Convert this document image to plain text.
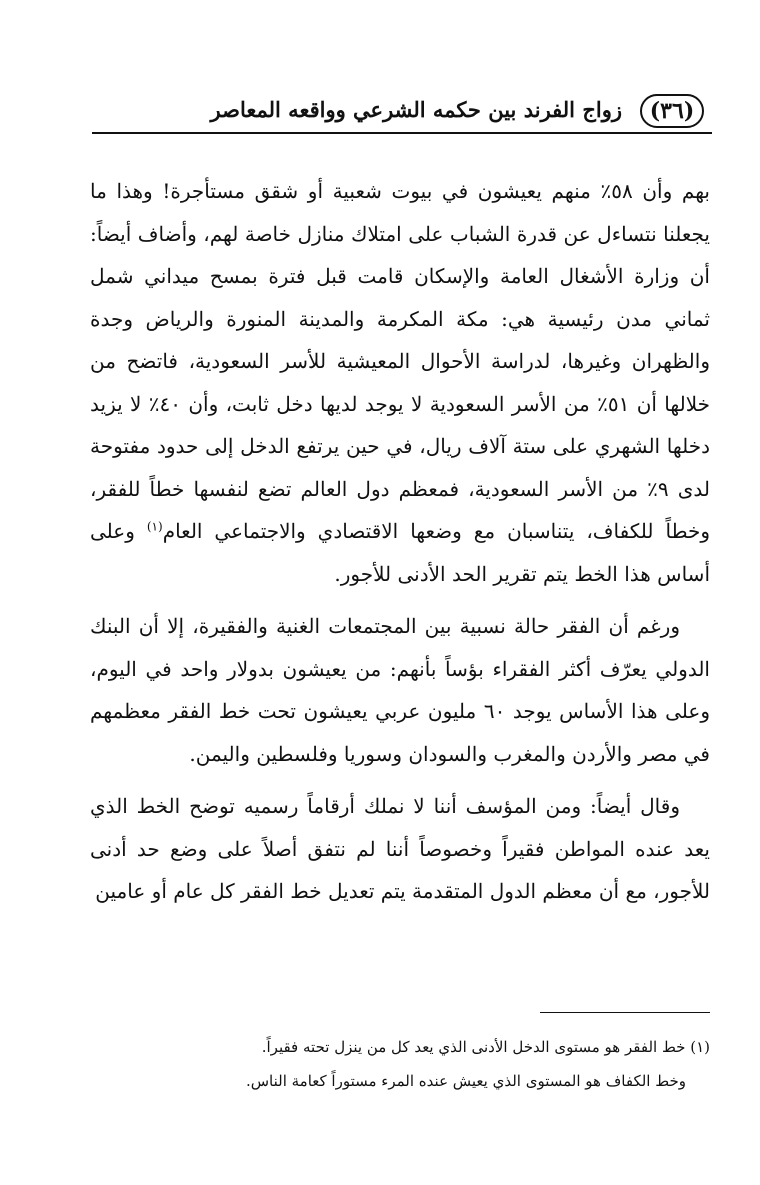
(٣٦)
زواج الفرند بين حكمه الشرعي وواقعه المعاصر

بهم وأن ٥٨٪ منهم يعيشون في بيوت شعبية أو شقق مستأجرة! وهذا ما يجعلنا نتساءل عن قدرة الشباب على امتلاك منازل خاصة لهم، وأضاف أيضاً: أن وزارة الأشغال العامة والإسكان قامت قبل فترة بمسح ميداني شمل ثماني مدن رئيسية هي: مكة المكرمة والمدينة المنورة والرياض وجدة والظهران وغيرها، لدراسة الأحوال المعيشية للأسر السعودية، فاتضح من خلالها أن ٥١٪ من الأسر السعودية لا يوجد لديها دخل ثابت، وأن ٤٠٪ لا يزيد دخلها الشهري على ستة آلاف ريال، في حين يرتفع الدخل إلى حدود مفتوحة لدى ٩٪ من الأسر السعودية، فمعظم دول العالم تضع لنفسها خطاً للفقر، وخطاً للكفاف، يتناسبان مع وضعها الاقتصادي والاجتماعي العام$^{(١)}$ وعلى أساس هذا الخط يتم تقرير الحد الأدنى للأجور.

ورغم أن الفقر حالة نسبية بين المجتمعات الغنية والفقيرة، إلا أن البنك الدولي يعرّف أكثر الفقراء بؤساً بأنهم: من يعيشون بدولار واحد في اليوم، وعلى هذا الأساس يوجد ٦٠ مليون عربي يعيشون تحت خط الفقر معظمهم في مصر والأردن والمغرب والسودان وسوريا وفلسطين واليمن.

وقال أيضاً: ومن المؤسف أننا لا نملك أرقاماً رسميه توضح الخط الذي يعد عنده المواطن فقيراً وخصوصاً أننا لم نتفق أصلاً على وضع حد أدنى للأجور، مع أن معظم الدول المتقدمة يتم تعديل خط الفقر كل عام أو عامين

(١) خط الفقر هو مستوى الدخل الأدنى الذي يعد كل من ينزل تحته فقيراً.
وخط الكفاف هو المستوى الذي يعيش عنده المرء مستوراً كعامة الناس.
